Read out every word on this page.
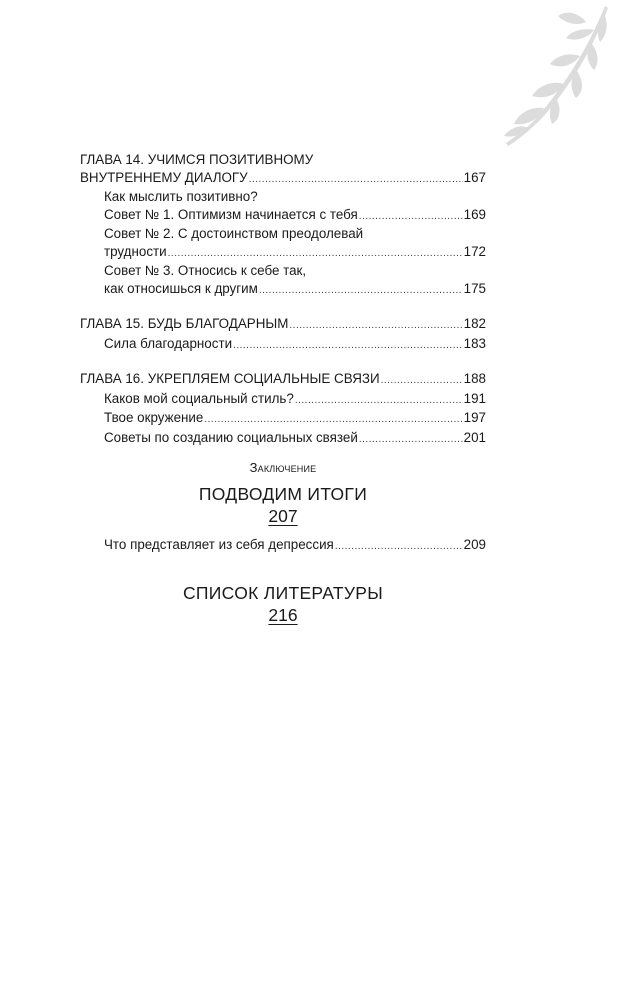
ГЛАВА 14. УЧИМСЯ ПОЗИТИВНОМУ
ВНУТРЕННЕМУ ДИАЛОГУ .....	167
Как мыслить позитивно?
Совет № 1. Оптимизм начинается с тебя .....	169
Совет № 2. С достоинством преодолевай
трудности .....	172
Совет № 3. Относись к себе так,
как относишься к другим .....	175
ГЛАВА 15. БУДЬ БЛАГОДАРНЫМ .....	182
Сила благодарности .....	183
ГЛАВА 16. УКРЕПЛЯЕМ СОЦИАЛЬНЫЕ СВЯЗИ .....	188
Каков мой социальный стиль? .....	191
Твое окружение .....	197
Советы по созданию социальных связей .....	201
Заключение
ПОДВОДИМ ИТОГИ
207
Что представляет из себя депрессия .....	209
СПИСОК ЛИТЕРАТУРЫ
216
